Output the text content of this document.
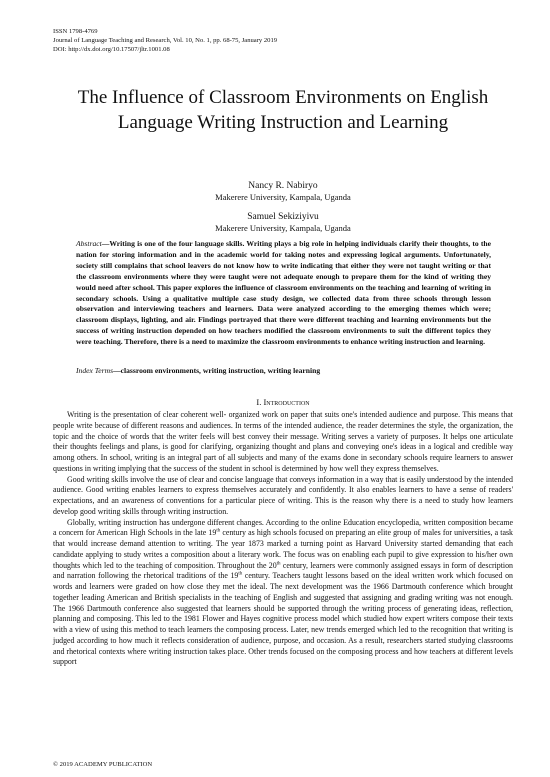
ISSN 1798-4769
Journal of Language Teaching and Research, Vol. 10, No. 1, pp. 68-75, January 2019
DOI: http://dx.doi.org/10.17507/jltr.1001.08
The Influence of Classroom Environments on English Language Writing Instruction and Learning
Nancy R. Nabiryo
Makerere University, Kampala, Uganda
Samuel Sekiziyivu
Makerere University, Kampala, Uganda
Abstract—Writing is one of the four language skills. Writing plays a big role in helping individuals clarify their thoughts, to the nation for storing information and in the academic world for taking notes and expressing logical arguments. Unfortunately, society still complains that school leavers do not know how to write indicating that either they were not taught writing or that the classroom environments where they were taught were not adequate enough to prepare them for the kind of writing they would need after school. This paper explores the influence of classroom environments on the teaching and learning of writing in secondary schools. Using a qualitative multiple case study design, we collected data from three schools through lesson observation and interviewing teachers and learners. Data were analyzed according to the emerging themes which were; classroom displays, lighting, and air. Findings portrayed that there were different teaching and learning environments but the success of writing instruction depended on how teachers modified the classroom environments to suit the different topics they were teaching. Therefore, there is a need to maximize the classroom environments to enhance writing instruction and learning.
Index Terms—classroom environments, writing instruction, writing learning
I. Introduction

Writing is the presentation of clear coherent well- organized work on paper that suits one's intended audience and purpose. This means that people write because of different reasons and audiences. In terms of the intended audience, the reader determines the style, the organization, the topic and the choice of words that the writer feels will best convey their message. Writing serves a variety of purposes. It helps one articulate their thoughts feelings and plans, is good for clarifying, organizing thought and plans and conveying one's ideas in a logical and credible way among others. In school, writing is an integral part of all subjects and many of the exams done in secondary schools require learners to answer questions in writing implying that the success of the student in school is determined by how well they express themselves.

Good writing skills involve the use of clear and concise language that conveys information in a way that is easily understood by the intended audience. Good writing enables learners to express themselves accurately and confidently. It also enables learners to have a sense of readers' expectations, and an awareness of conventions for a particular piece of writing. This is the reason why there is a need to study how learners develop good writing skills through writing instruction.

Globally, writing instruction has undergone different changes. According to the online Education encyclopedia, written composition became a concern for American High Schools in the late 19th century as high schools focused on preparing an elite group of males for universities, a task that would increase demand attention to writing. The year 1873 marked a turning point as Harvard University started demanding that each candidate applying to study writes a composition about a literary work. The focus was on enabling each pupil to give expression to his/her own thoughts which led to the teaching of composition. Throughout the 20th century, learners were commonly assigned essays in form of description and narration following the rhetorical traditions of the 19th century. Teachers taught lessons based on the ideal written work which focused on words and learners were graded on how close they met the ideal. The next development was the 1966 Dartmouth conference which brought together leading American and British specialists in the teaching of English and suggested that assigning and grading writing was not enough. The 1966 Dartmouth conference also suggested that learners should be supported through the writing process of generating ideas, reflection, planning and composing. This led to the 1981 Flower and Hayes cognitive process model which studied how expert writers compose their texts with a view of using this method to teach learners the composing process. Later, new trends emerged which led to the recognition that writing is judged according to how much it reflects consideration of audience, purpose, and occasion. As a result, researchers started studying classrooms and rhetorical contexts where writing instruction takes place. Other trends focused on the composing process and how teachers at different levels support

© 2019 ACADEMY PUBLICATION
